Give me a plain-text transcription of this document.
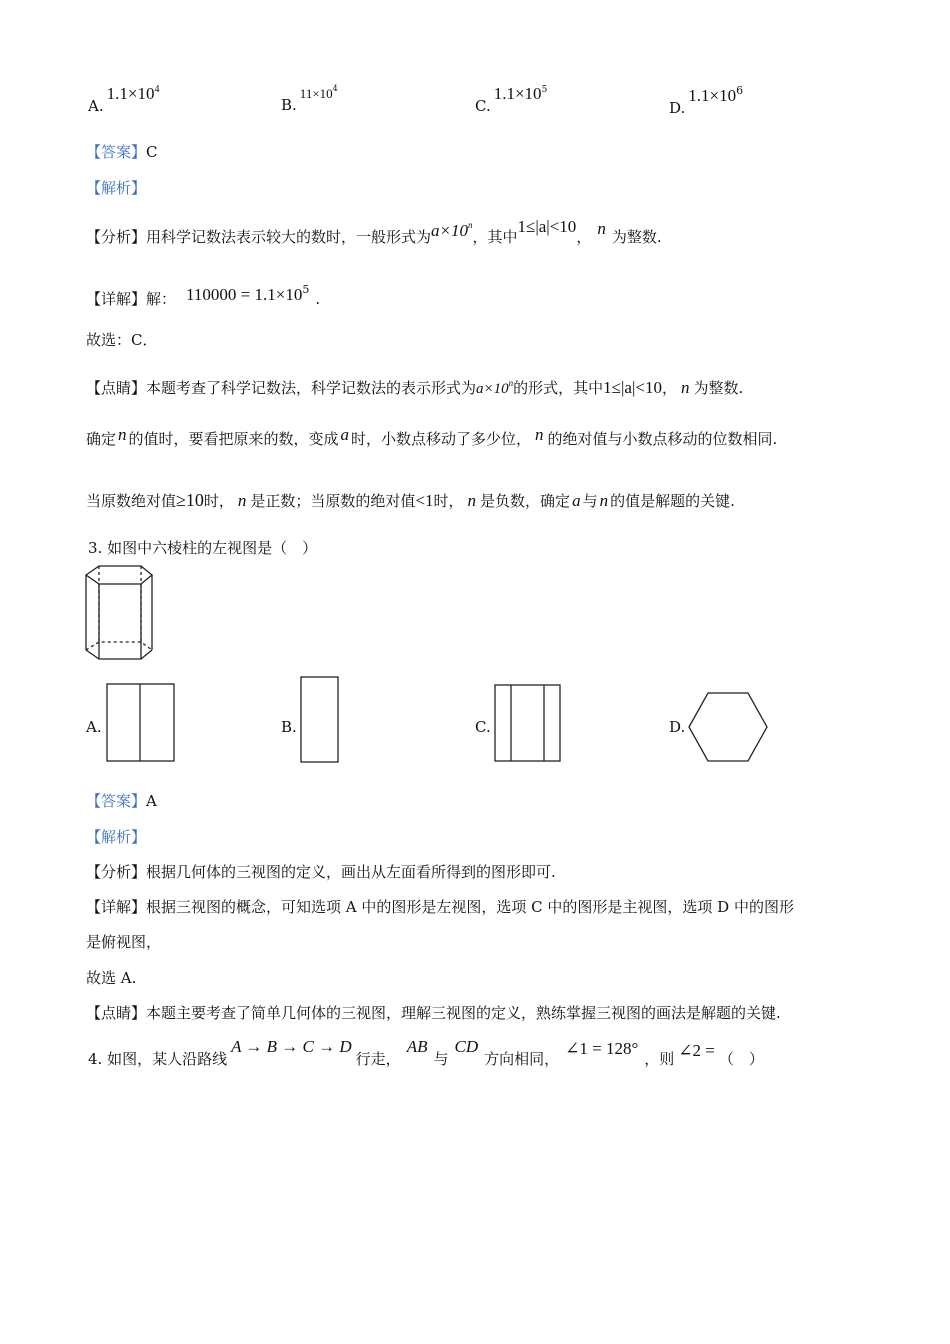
$A.1.1\times 10^4$
$B.11\times 10^4$
$C.1.1\times 10^5$
$D.1.1\times 10^6$
【答案】C
【解析】
【分析】用科学记数法表示较大的数时，一般形式为$a\times 10^n$，其中1≤|a|<10， n 为整数.
【详解】解： $110000 = 1.1\times 10^5$.
故选：C．
【点睛】本题考查了科学记数法，科学记数法的表示形式为$a\times 10^n$的形式，其中1≤|a|<10， n 为整数.
确定 n 的值时，要看把原来的数，变成 a 时，小数点移动了多少位， n 的绝对值与小数点移动的位数相同.
当原数绝对值≥10时， n 是正数；当原数的绝对值<1时， n 是负数，确定 a 与 n 的值是解题的关键.
3. 如图中六棱柱的左视图是（　）
A.	B.	C.	D.
【答案】A
【解析】
【分析】根据几何体的三视图的定义，画出从左面看所得到的图形即可.
【详解】根据三视图的概念，可知选项 A 中的图形是左视图，选项 C 中的图形是主视图，选项 D 中的图形
是俯视图，
故选 A.
【点睛】本题主要考查了简单几何体的三视图，理解三视图的定义，熟练掌握三视图的画法是解题的关键.
4. 如图，某人沿路线A → B → C → D行走，AB与CD方向相同，∠1 = 128°，则 ∠2 = （　）
